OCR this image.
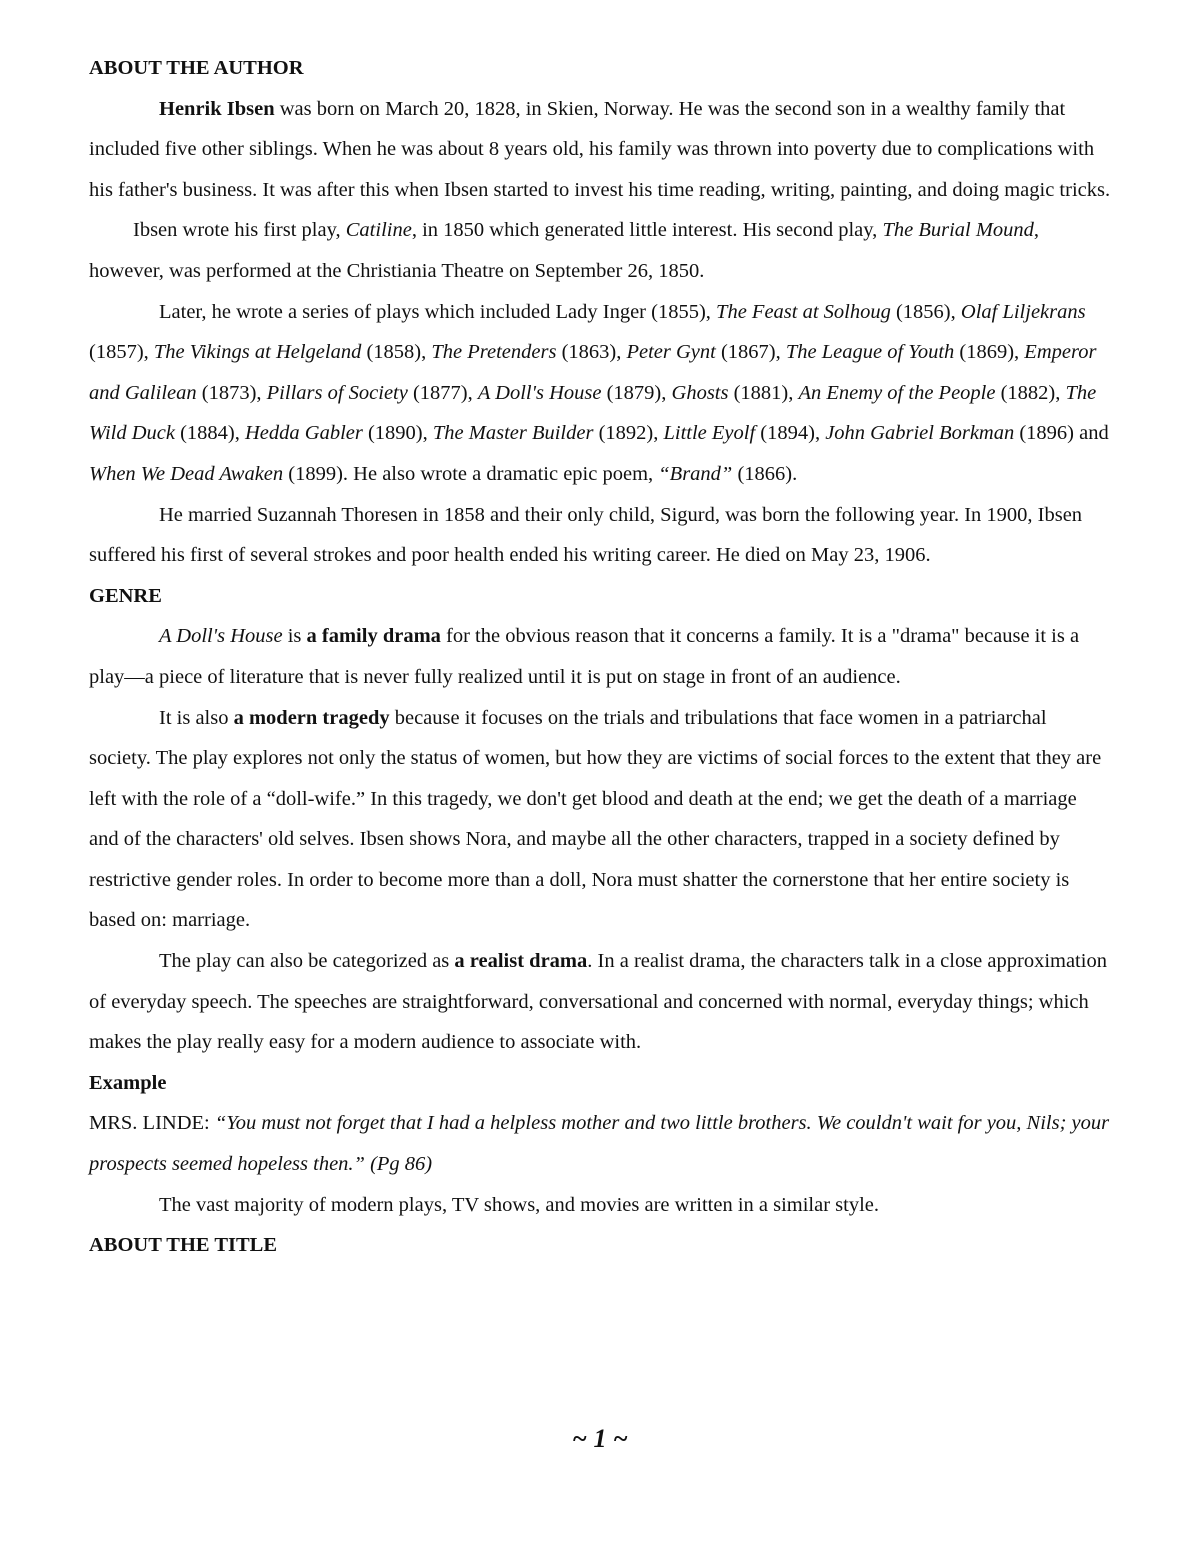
ABOUT THE AUTHOR

Henrik Ibsen was born on March 20, 1828, in Skien, Norway. He was the second son in a wealthy family that included five other siblings. When he was about 8 years old, his family was thrown into poverty due to complications with his father's business. It was after this when Ibsen started to invest his time reading, writing, painting, and doing magic tricks.

Ibsen wrote his first play, Catiline, in 1850 which generated little interest. His second play, The Burial Mound, however, was performed at the Christiania Theatre on September 26, 1850.

Later, he wrote a series of plays which included Lady Inger (1855), The Feast at Solhoug (1856), Olaf Liljekrans (1857), The Vikings at Helgeland (1858), The Pretenders (1863), Peter Gynt (1867), The League of Youth (1869), Emperor and Galilean (1873), Pillars of Society (1877), A Doll's House (1879), Ghosts (1881), An Enemy of the People (1882), The Wild Duck (1884), Hedda Gabler (1890), The Master Builder (1892), Little Eyolf (1894), John Gabriel Borkman (1896) and When We Dead Awaken (1899). He also wrote a dramatic epic poem, “Brand” (1866).

He married Suzannah Thoresen in 1858 and their only child, Sigurd, was born the following year. In 1900, Ibsen suffered his first of several strokes and poor health ended his writing career. He died on May 23, 1906.

GENRE

A Doll's House is a family drama for the obvious reason that it concerns a family. It is a "drama" because it is a play—a piece of literature that is never fully realized until it is put on stage in front of an audience.

It is also a modern tragedy because it focuses on the trials and tribulations that face women in a patriarchal society. The play explores not only the status of women, but how they are victims of social forces to the extent that they are left with the role of a “doll-wife.” In this tragedy, we don't get blood and death at the end; we get the death of a marriage and of the characters' old selves. Ibsen shows Nora, and maybe all the other characters, trapped in a society defined by restrictive gender roles. In order to become more than a doll, Nora must shatter the cornerstone that her entire society is based on: marriage.

The play can also be categorized as a realist drama. In a realist drama, the characters talk in a close approximation of everyday speech. The speeches are straightforward, conversational and concerned with normal, everyday things; which makes the play really easy for a modern audience to associate with.

Example

MRS. LINDE: “You must not forget that I had a helpless mother and two little brothers. We couldn't wait for you, Nils; your prospects seemed hopeless then.” (Pg 86)

The vast majority of modern plays, TV shows, and movies are written in a similar style.

ABOUT THE TITLE

~ 1 ~
